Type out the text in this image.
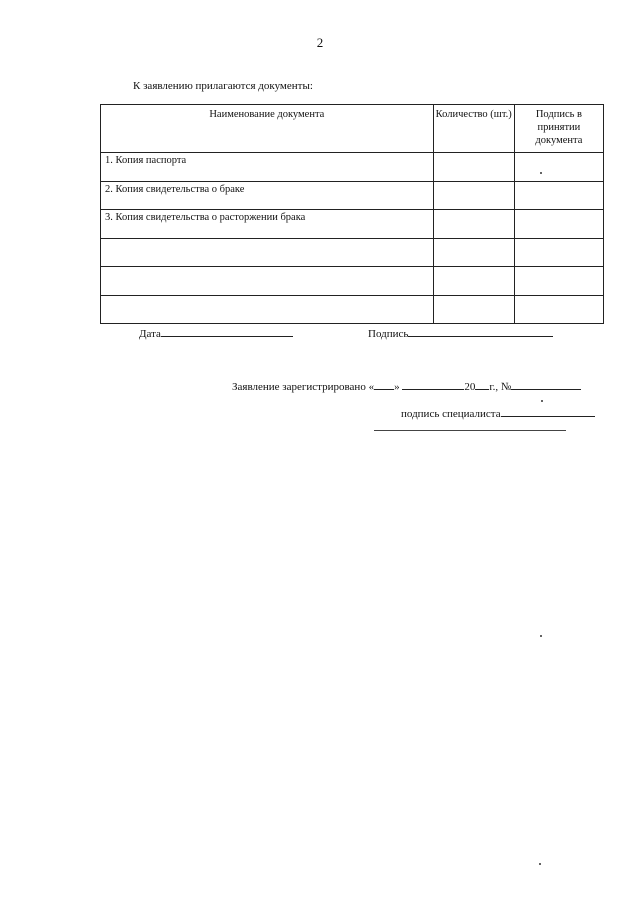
2
К заявлению прилагаются документы:
Наименование документа	Количество (шт.)	Подпись в принятии документа
1. Копия паспорта		
2. Копия свидетельства о браке		
3. Копия свидетельства о расторжении брака		

Дата	Подпись
Заявление зарегистрировано « »	20 г., №
подпись специалиста
